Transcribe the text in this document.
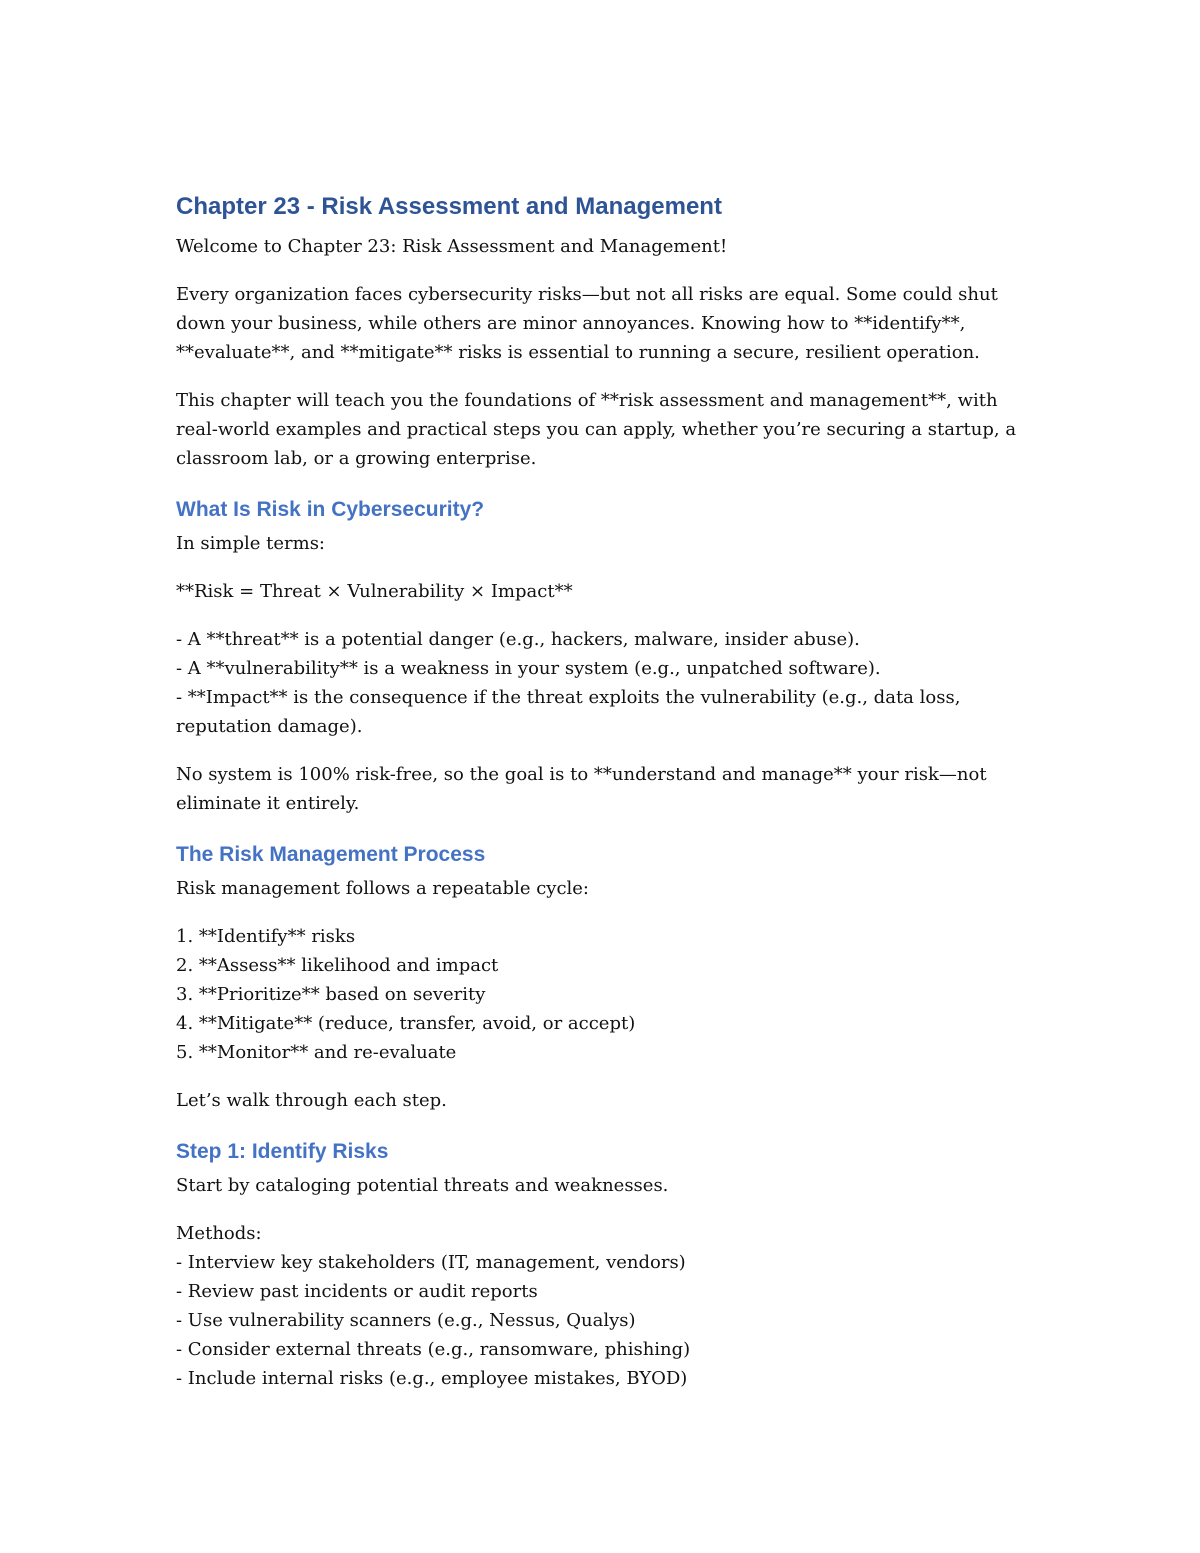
Chapter 23 - Risk Assessment and Management
Welcome to Chapter 23: Risk Assessment and Management!
Every organization faces cybersecurity risks—but not all risks are equal. Some could shut down your business, while others are minor annoyances. Knowing how to **identify**, **evaluate**, and **mitigate** risks is essential to running a secure, resilient operation.
This chapter will teach you the foundations of **risk assessment and management**, with real-world examples and practical steps you can apply, whether you’re securing a startup, a classroom lab, or a growing enterprise.
What Is Risk in Cybersecurity?
In simple terms:
**Risk = Threat × Vulnerability × Impact**
- A **threat** is a potential danger (e.g., hackers, malware, insider abuse).
- A **vulnerability** is a weakness in your system (e.g., unpatched software).
- **Impact** is the consequence if the threat exploits the vulnerability (e.g., data loss, reputation damage).
No system is 100% risk-free, so the goal is to **understand and manage** your risk—not eliminate it entirely.
The Risk Management Process
Risk management follows a repeatable cycle:
1. **Identify** risks
2. **Assess** likelihood and impact
3. **Prioritize** based on severity
4. **Mitigate** (reduce, transfer, avoid, or accept)
5. **Monitor** and re-evaluate
Let’s walk through each step.
Step 1: Identify Risks
Start by cataloging potential threats and weaknesses.
Methods:
- Interview key stakeholders (IT, management, vendors)
- Review past incidents or audit reports
- Use vulnerability scanners (e.g., Nessus, Qualys)
- Consider external threats (e.g., ransomware, phishing)
- Include internal risks (e.g., employee mistakes, BYOD)
